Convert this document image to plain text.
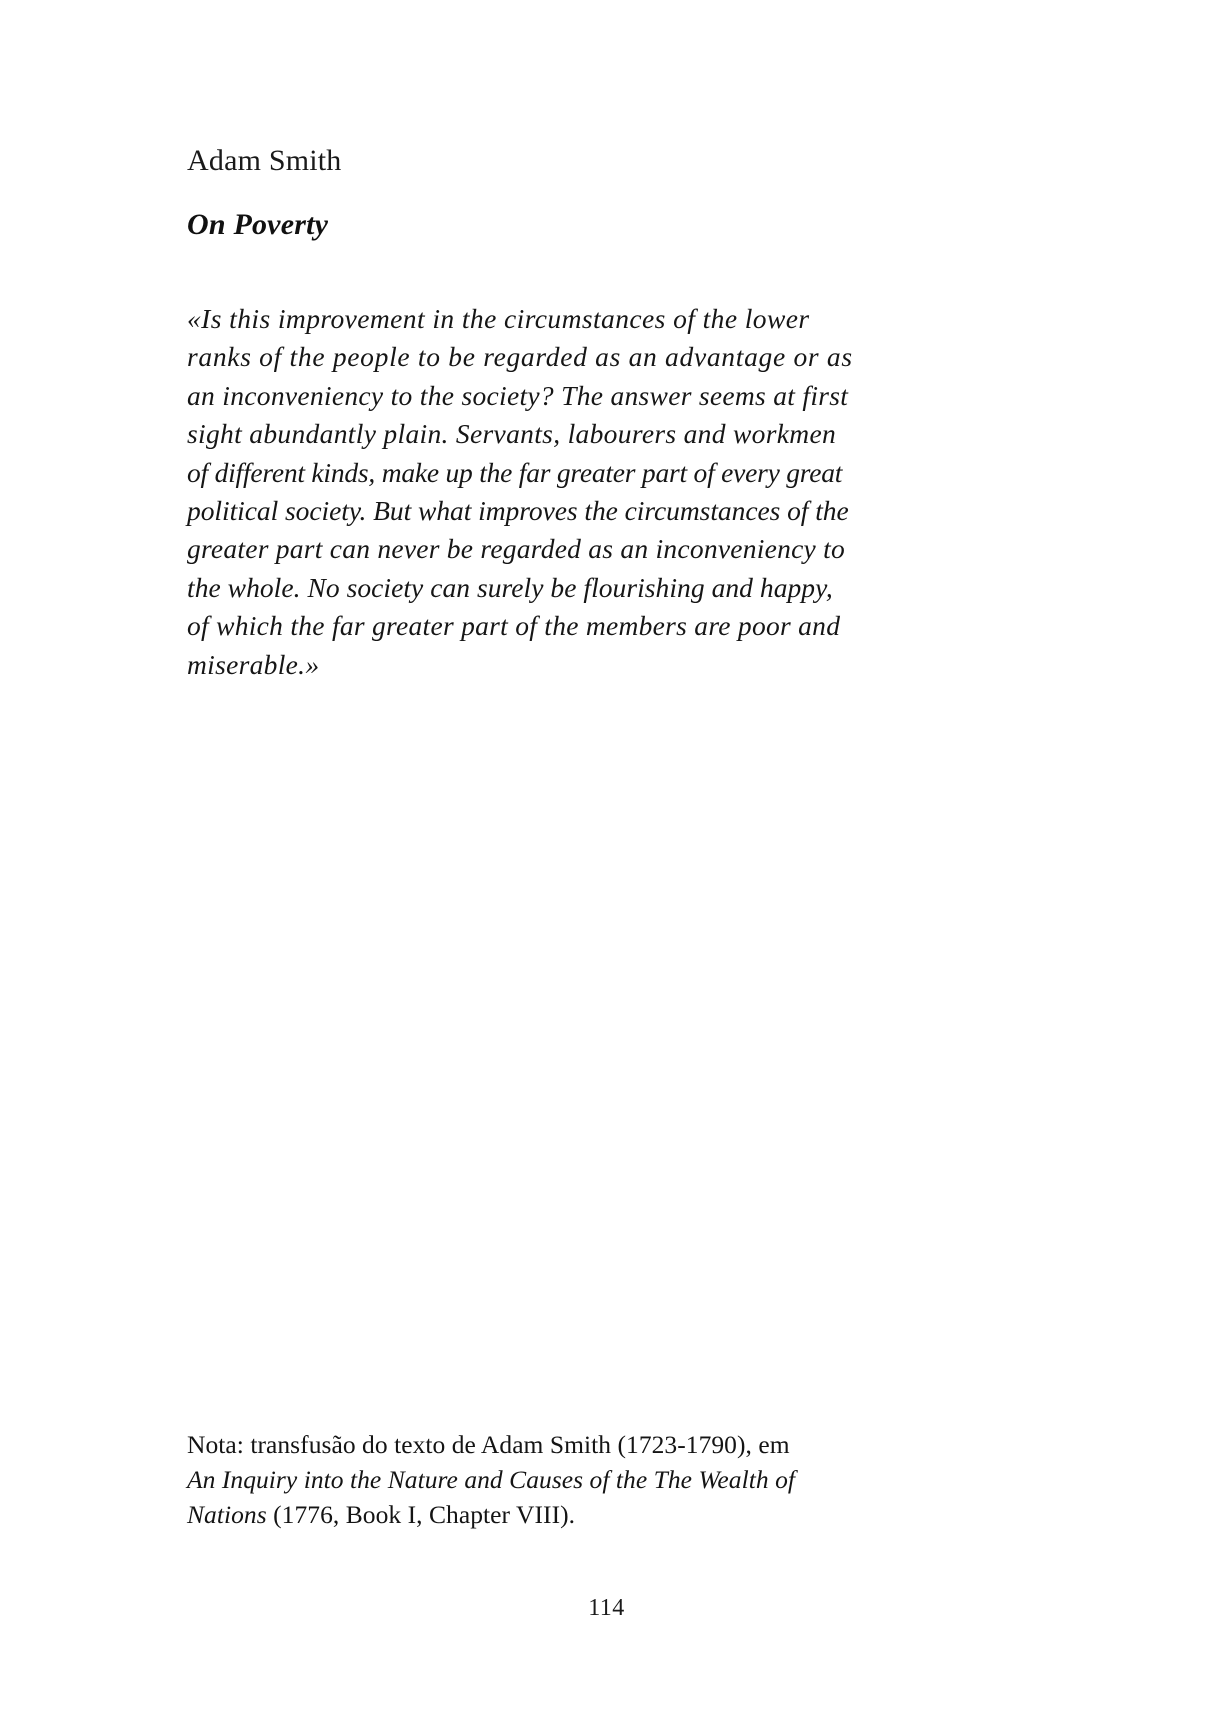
Adam Smith
On Poverty
«Is this improvement in the circumstances of the lower
ranks of the people to be regarded as an advantage or as
an inconveniency to the society? The answer seems at first
sight abundantly plain. Servants, labourers and workmen
of different kinds, make up the far greater part of every great
political society. But what improves the circumstances of the
greater part can never be regarded as an inconveniency to
the whole. No society can surely be flourishing and happy,
of which the far greater part of the members are poor and
miserable.»
Nota: transfusão do texto de Adam Smith (1723-1790), em
An Inquiry into the Nature and Causes of the The Wealth of
Nations (1776, Book I, Chapter VIII).
114
